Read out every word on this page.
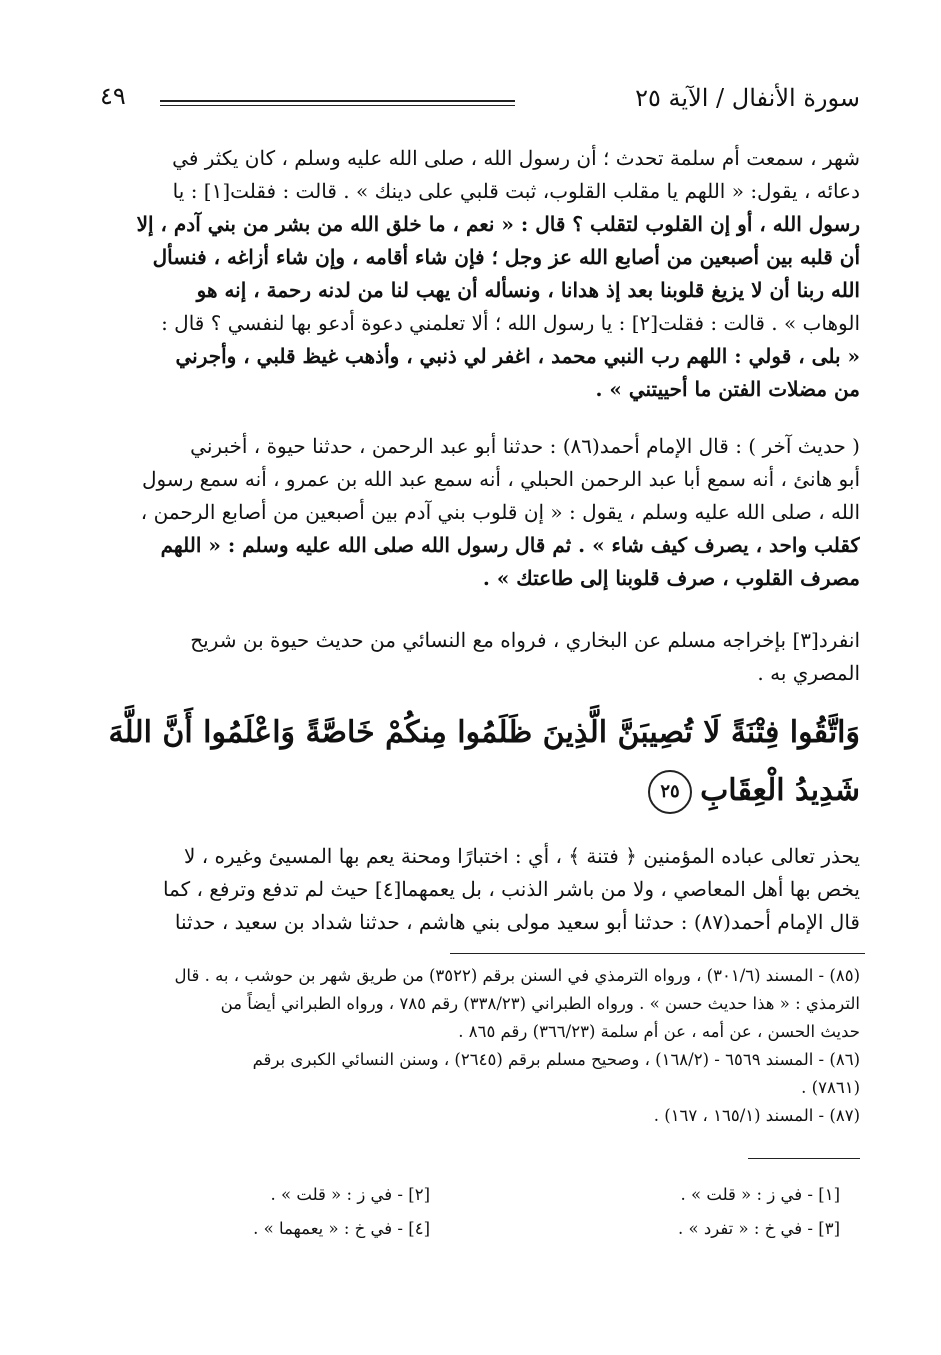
سورة الأنفال / الآية ٢٥
٤٩
شهر ، سمعت أم سلمة تحدث ؛ أن رسول الله ، صلى الله عليه وسلم ، كان يكثر في
دعائه ، يقول: « اللهم يا مقلب القلوب، ثبت قلبي على دينك » . قالت : فقلت[١] : يا
رسول الله ، أو إن القلوب لتقلب ؟ قال : « نعم ، ما خلق الله من بشر من بني آدم ، إلا
أن قلبه بين أصبعين من أصابع الله عز وجل ؛ فإن شاء أقامه ، وإن شاء أزاغه ، فنسأل
الله ربنا أن لا يزيغ قلوبنا بعد إذ هدانا ، ونسأله أن يهب لنا من لدنه رحمة ، إنه هو
الوهاب » . قالت : فقلت[٢] : يا رسول الله ؛ ألا تعلمني دعوة أدعو بها لنفسي ؟ قال :
« بلى ، قولي : اللهم رب النبي محمد ، اغفر لي ذنبي ، وأذهب غيظ قلبي ، وأجرني
من مضلات الفتن ما أحييتني » .
( حديث آخر ) : قال الإمام أحمد(٨٦) : حدثنا أبو عبد الرحمن ، حدثنا حيوة ، أخبرني
أبو هانئ ، أنه سمع أبا عبد الرحمن الحبلي ، أنه سمع عبد الله بن عمرو ، أنه سمع رسول
الله ، صلى الله عليه وسلم ، يقول : « إن قلوب بني آدم بين أصبعين من أصابع الرحمن ،
كقلب واحد ، يصرف كيف شاء » . ثم قال رسول الله صلى الله عليه وسلم : « اللهم
مصرف القلوب ، صرف قلوبنا إلى طاعتك » .
انفرد[٣] بإخراجه مسلم عن البخاري ، فرواه مع النسائي من حديث حيوة بن شريح
المصري به .
وَاتَّقُوا فِتْنَةً لَا تُصِيبَنَّ الَّذِينَ ظَلَمُوا مِنكُمْ خَاصَّةً وَاعْلَمُوا أَنَّ اللَّهَ
شَدِيدُ الْعِقَابِ٢٥
يحذر تعالى عباده المؤمنين ﴿ فتنة ﴾ ، أي : اختبارًا ومحنة يعم بها المسيئ وغيره ، لا
يخص بها أهل المعاصي ، ولا من باشر الذنب ، بل يعمهما[٤] حيث لم تدفع وترفع ، كما
قال الإمام أحمد(٨٧) : حدثنا أبو سعيد مولى بني هاشم ، حدثنا شداد بن سعيد ، حدثنا
(٨٥) - المسند (٣٠١/٦) ، ورواه الترمذي في السنن برقم (٣٥٢٢) من طريق شهر بن حوشب ، به . قال
الترمذي : « هذا حديث حسن » . ورواه الطبراني (٣٣٨/٢٣) رقم ٧٨٥ ، ورواه الطبراني أيضاً من
حديث الحسن ، عن أمه ، عن أم سلمة (٣٦٦/٢٣) رقم ٨٦٥ .
(٨٦) - المسند ٦٥٦٩ - (١٦٨/٢) ، وصحيح مسلم برقم (٢٦٤٥) ، وسنن النسائي الكبرى برقم
(٧٨٦١) .
(٨٧) - المسند (١٦٥/١ ، ١٦٧) .
[١] - في ز : « قلت » .
[٢] - في ز : « قلت » .
[٣] - في خ : « تفرد » .
[٤] - في خ : « يعمهما » .
